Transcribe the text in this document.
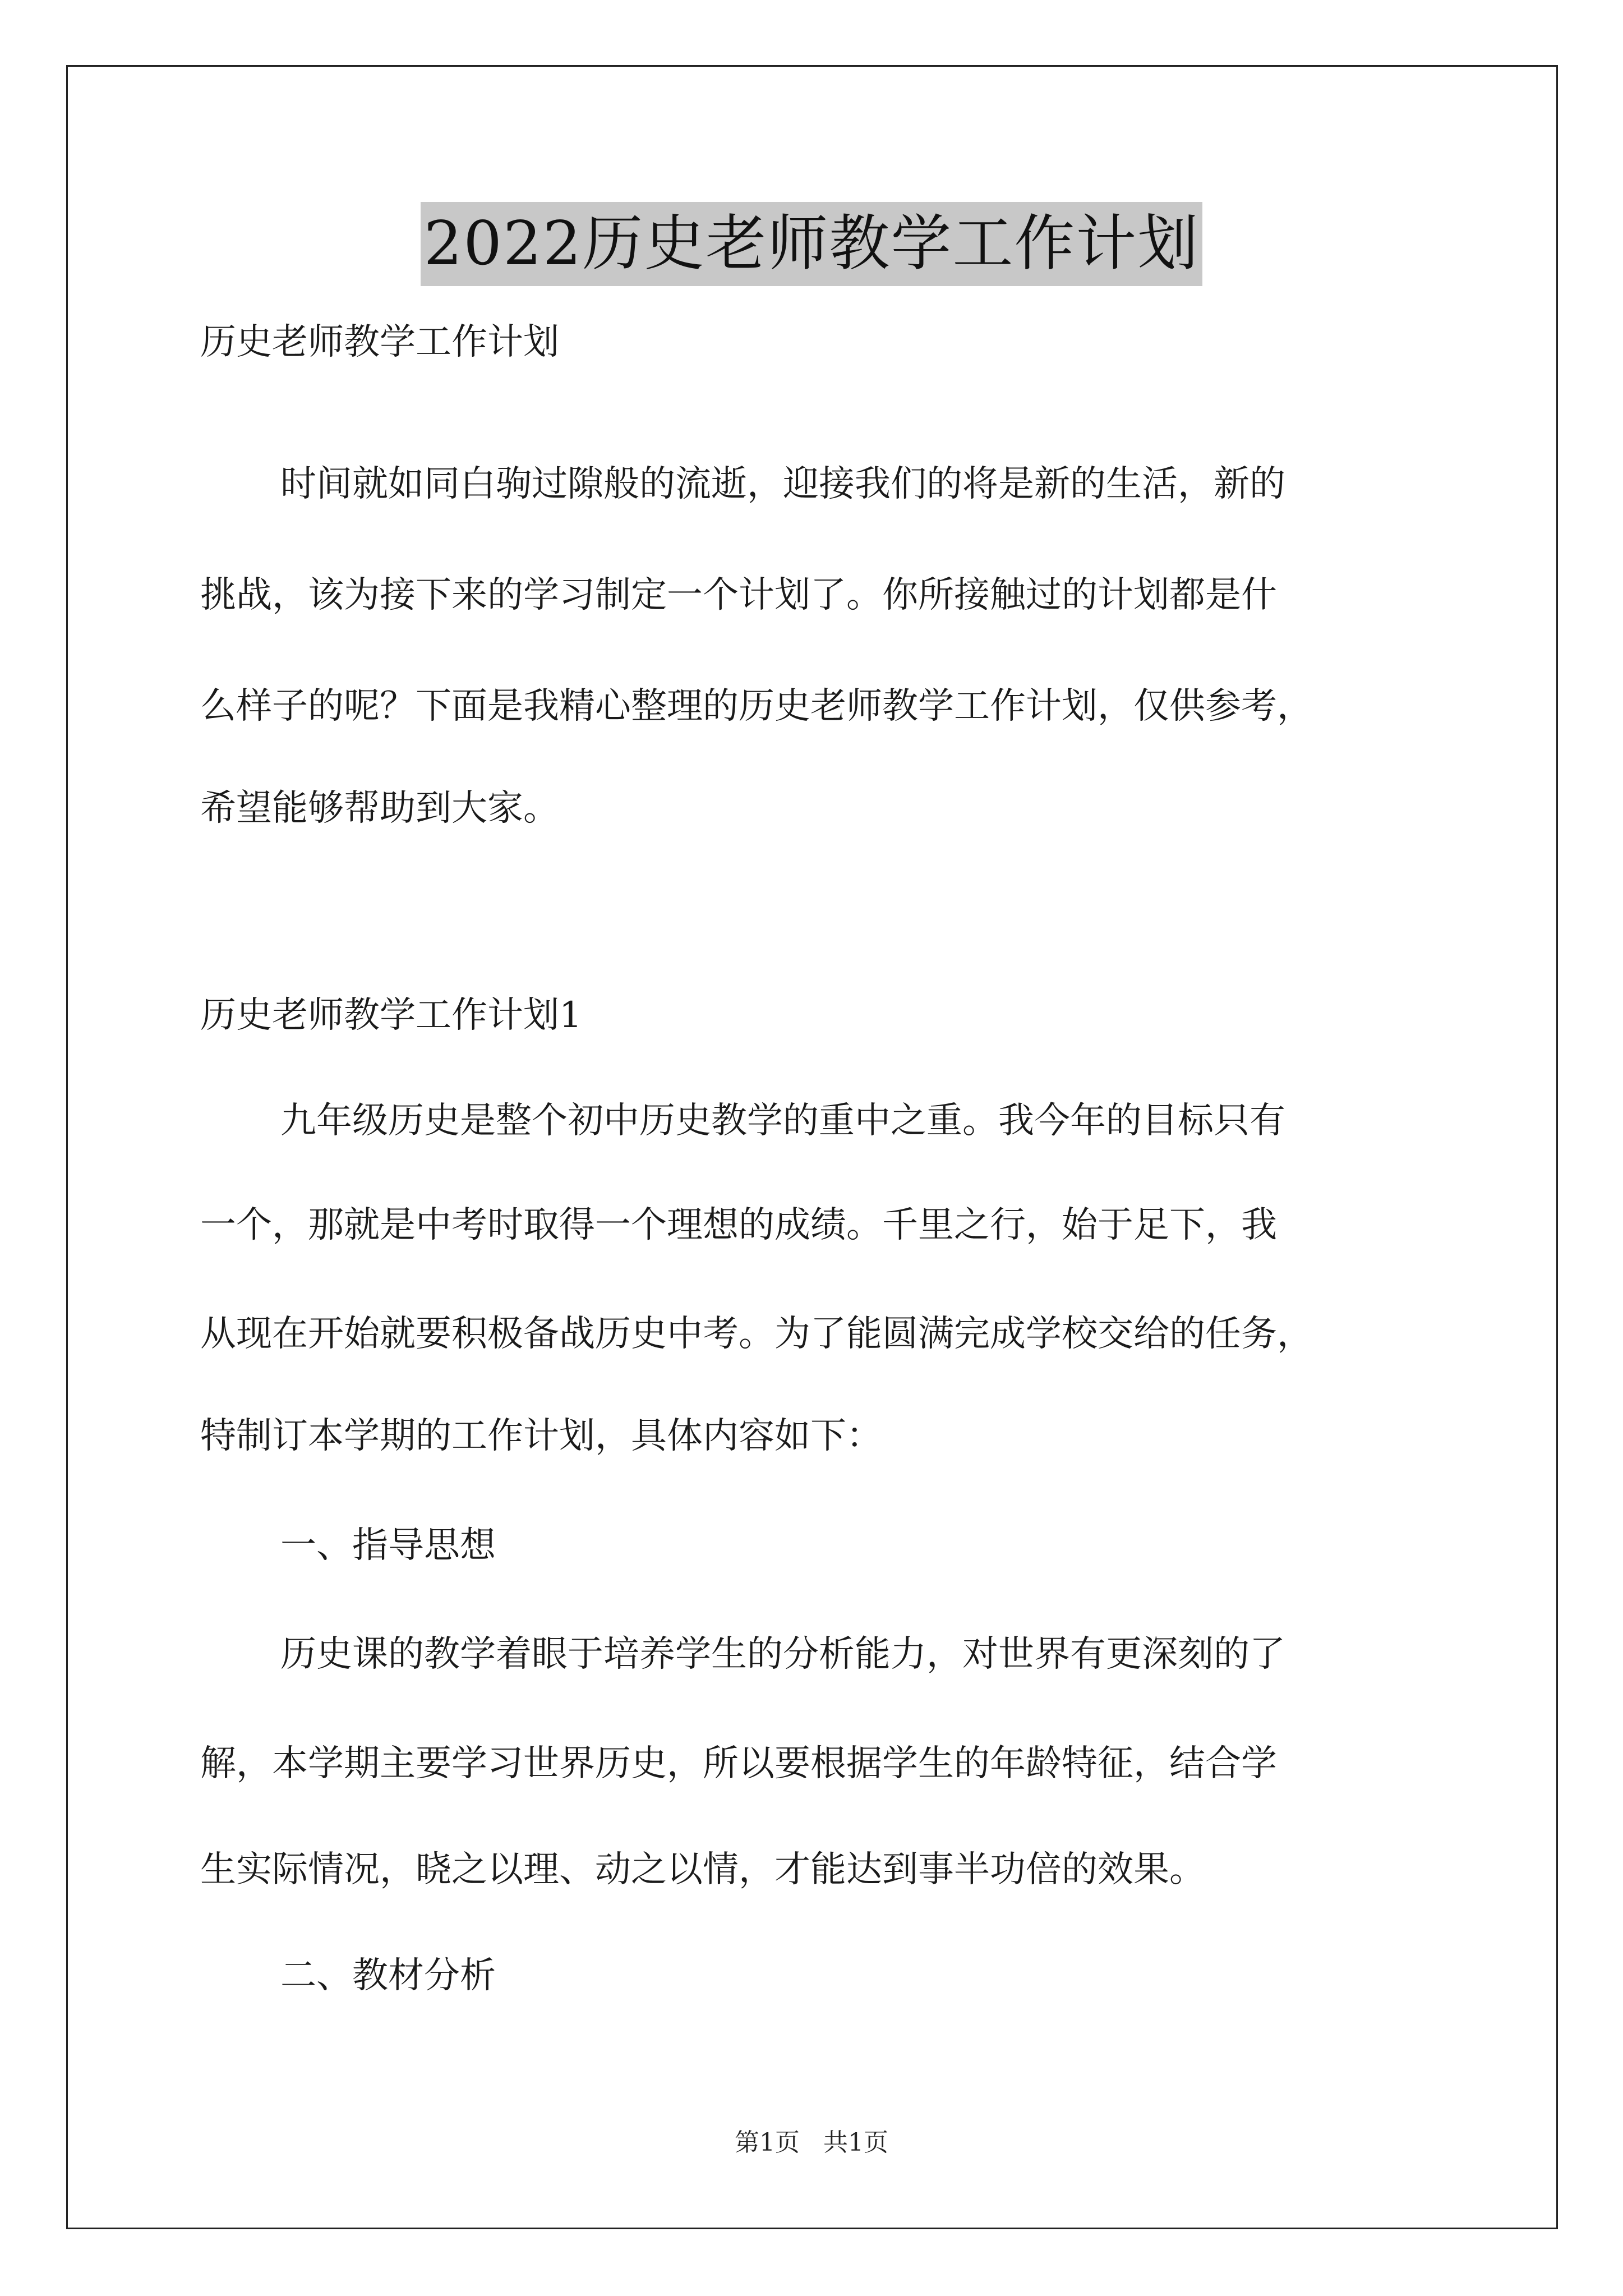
2022历史老师教学工作计划
历史老师教学工作计划
时间就如同白驹过隙般的流逝，迎接我们的将是新的生活，新的
挑战，该为接下来的学习制定一个计划了。你所接触过的计划都是什
么样子的呢？下面是我精心整理的历史老师教学工作计划，仅供参考，
希望能够帮助到大家。
历史老师教学工作计划1
九年级历史是整个初中历史教学的重中之重。我今年的目标只有
一个，那就是中考时取得一个理想的成绩。千里之行，始于足下，我
从现在开始就要积极备战历史中考。为了能圆满完成学校交给的任务，
特制订本学期的工作计划，具体内容如下：
一、指导思想
历史课的教学着眼于培养学生的分析能力，对世界有更深刻的了
解，本学期主要学习世界历史，所以要根据学生的年龄特征，结合学
生实际情况，晓之以理、动之以情，才能达到事半功倍的效果。
二、教材分析
第1页 共1页
